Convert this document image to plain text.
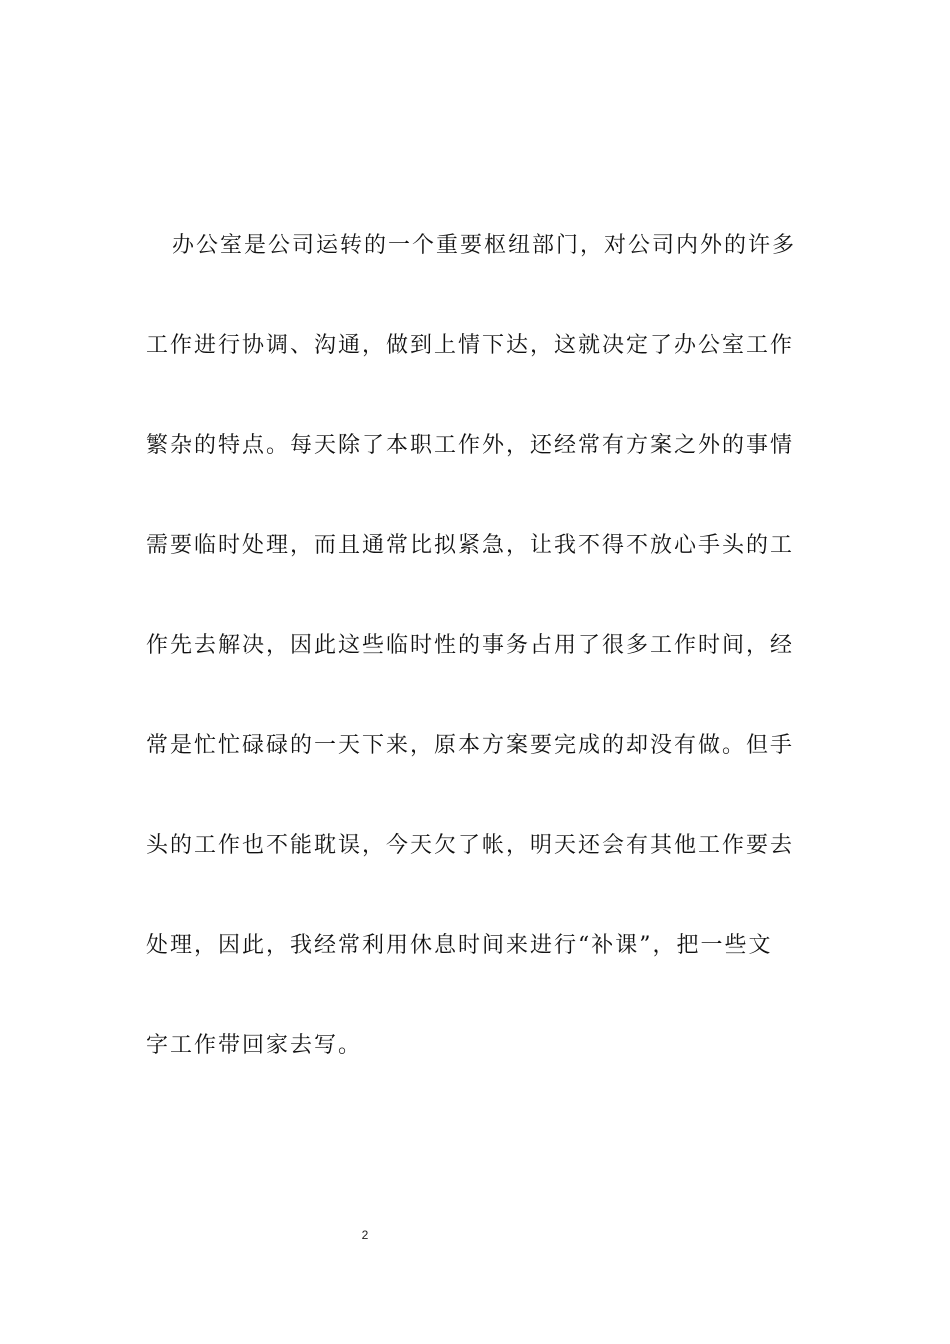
办公室是公司运转的一个重要枢纽部门，对公司内外的许多
工作进行协调、沟通，做到上情下达，这就决定了办公室工作
繁杂的特点。每天除了本职工作外，还经常有方案之外的事情
需要临时处理，而且通常比拟紧急，让我不得不放心手头的工
作先去解决，因此这些临时性的事务占用了很多工作时间，经
常是忙忙碌碌的一天下来，原本方案要完成的却没有做。但手
头的工作也不能耽误，今天欠了帐，明天还会有其他工作要去
处理，因此，我经常利用休息时间来进行“补课”，把一些文
字工作带回家去写。
2
